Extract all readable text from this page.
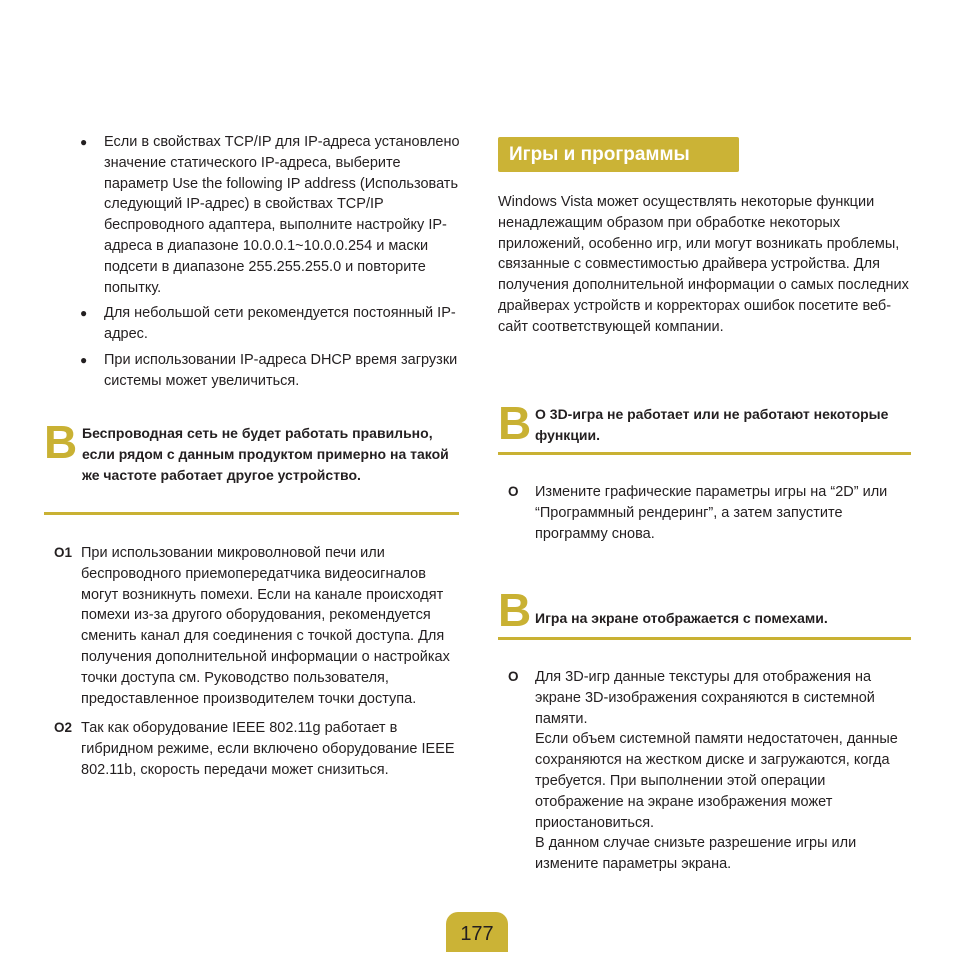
● Если в свойствах TCP/IP для IP-адреса установлено значение статического IP-адреса, выберите параметр Use the following IP address (Использовать следующий IP-адрес) в свойствах TCP/IP беспроводного адаптера, выполните настройку IP-адреса в диапазоне 10.0.0.1~10.0.0.254 и маски подсети в диапазоне 255.255.255.0 и повторите попытку.
● Для небольшой сети рекомендуется постоянный IP-адрес.
● При использовании IP-адреса DHCP время загрузки системы может увеличиться.
B Беспроводная сеть не будет работать правильно, если рядом с данным продуктом примерно на такой же частоте работает другое устройство.
O1 При использовании микроволновой печи или беспроводного приемопередатчика видеосигналов могут возникнуть помехи. Если на канале происходят помехи из-за другого оборудования, рекомендуется сменить канал для соединения с точкой доступа. Для получения дополнительной информации о настройках точки доступа см. Руководство пользователя, предоставленное производителем точки доступа.
O2 Так как оборудование IEEE 802.11g работает в гибридном режиме, если включено оборудование IEEE 802.11b, скорость передачи может снизиться.
Игры и программы
Windows Vista может осуществлять некоторые функции ненадлежащим образом при обработке некоторых приложений, особенно игр, или могут возникать проблемы, связанные с совместимостью драйвера устройства. Для получения дополнительной информации о самых последних драйверах устройств и корректорах ошибок посетите веб-сайт соответствующей компании.
B О 3D-игра не работает или не работают некоторые функции.
O Измените графические параметры игры на “2D” или “Программный рендеринг”, а затем запустите программу снова.
B Игра на экране отображается с помехами.
O Для 3D-игр данные текстуры для отображения на экране 3D-изображения сохраняются в системной памяти.
Если объем системной памяти недостаточен, данные сохраняются на жестком диске и загружаются, когда требуется. При выполнении этой операции отображение на экране изображения может приостановиться.
В данном случае снизьте разрешение игры или измените параметры экрана.
177
